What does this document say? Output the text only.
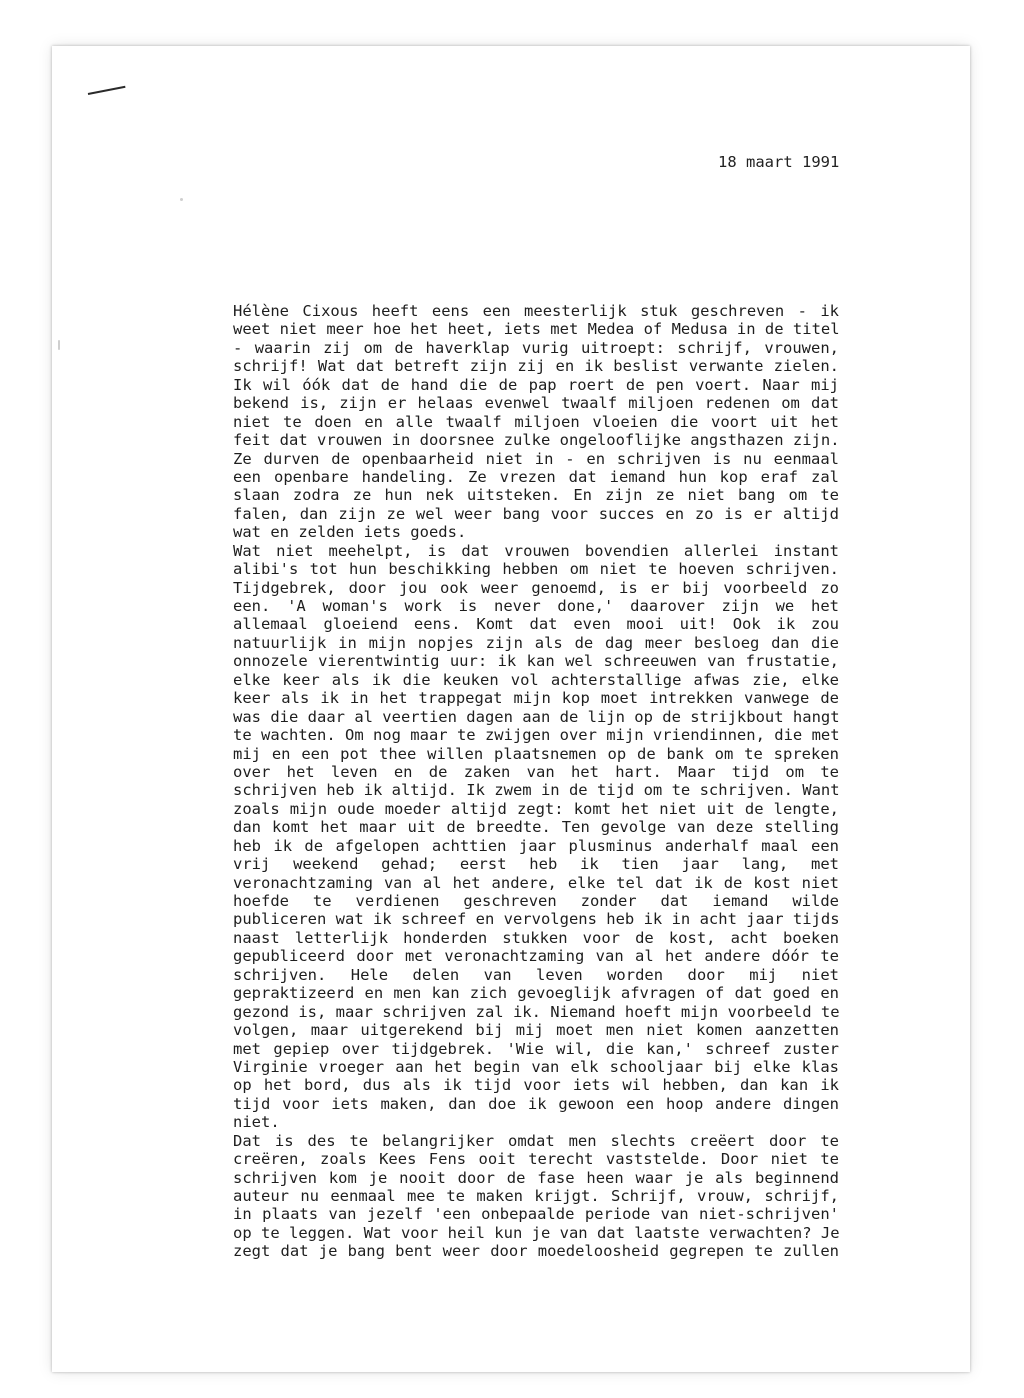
18 maart 1991
Hélène Cixous heeft eens een meesterlijk stuk geschreven - ik
weet niet meer hoe het heet, iets met Medea of Medusa in de titel
- waarin zij om de haverklap vurig uitroept: schrijf, vrouwen,
schrijf! Wat dat betreft zijn zij en ik beslist verwante zielen.
Ik wil óók dat de hand die de pap roert de pen voert. Naar mij
bekend is, zijn er helaas evenwel twaalf miljoen redenen om dat
niet te doen en alle twaalf miljoen vloeien die voort uit het
feit dat vrouwen in doorsnee zulke ongelooflijke angsthazen zijn.
Ze durven de openbaarheid niet in - en schrijven is nu eenmaal
een openbare handeling. Ze vrezen dat iemand hun kop eraf zal
slaan zodra ze hun nek uitsteken. En zijn ze niet bang om te
falen, dan zijn ze wel weer bang voor succes en zo is er altijd
wat en zelden iets goeds.
Wat niet meehelpt, is dat vrouwen bovendien allerlei instant
alibi's tot hun beschikking hebben om niet te hoeven schrijven.
Tijdgebrek, door jou ook weer genoemd, is er bij voorbeeld zo
een. 'A woman's work is never done,' daarover zijn we het
allemaal gloeiend eens. Komt dat even mooi uit! Ook ik zou
natuurlijk in mijn nopjes zijn als de dag meer besloeg dan die
onnozele vierentwintig uur: ik kan wel schreeuwen van frustatie,
elke keer als ik die keuken vol achterstallige afwas zie, elke
keer als ik in het trappegat mijn kop moet intrekken vanwege de
was die daar al veertien dagen aan de lijn op de strijkbout hangt
te wachten. Om nog maar te zwijgen over mijn vriendinnen, die met
mij en een pot thee willen plaatsnemen op de bank om te spreken
over het leven en de zaken van het hart. Maar tijd om te
schrijven heb ik altijd. Ik zwem in de tijd om te schrijven. Want
zoals mijn oude moeder altijd zegt: komt het niet uit de lengte,
dan komt het maar uit de breedte. Ten gevolge van deze stelling
heb ik de afgelopen achttien jaar plusminus anderhalf maal een
vrij weekend gehad; eerst heb ik tien jaar lang, met
veronachtzaming van al het andere, elke tel dat ik de kost niet
hoefde te verdienen geschreven zonder dat iemand wilde
publiceren wat ik schreef en vervolgens heb ik in acht jaar tijds
naast letterlijk honderden stukken voor de kost, acht boeken
gepubliceerd door met veronachtzaming van al het andere dóór te
schrijven. Hele delen van leven worden door mij niet
gepraktizeerd en men kan zich gevoeglijk afvragen of dat goed en
gezond is, maar schrijven zal ik. Niemand hoeft mijn voorbeeld te
volgen, maar uitgerekend bij mij moet men niet komen aanzetten
met gepiep over tijdgebrek. 'Wie wil, die kan,' schreef zuster
Virginie vroeger aan het begin van elk schooljaar bij elke klas
op het bord, dus als ik tijd voor iets wil hebben, dan kan ik
tijd voor iets maken, dan doe ik gewoon een hoop andere dingen
niet.
Dat is des te belangrijker omdat men slechts creëert door te
creëren, zoals Kees Fens ooit terecht vaststelde. Door niet te
schrijven kom je nooit door de fase heen waar je als beginnend
auteur nu eenmaal mee te maken krijgt. Schrijf, vrouw, schrijf,
in plaats van jezelf 'een onbepaalde periode van niet-schrijven'
op te leggen. Wat voor heil kun je van dat laatste verwachten? Je
zegt dat je bang bent weer door moedeloosheid gegrepen te zullen
